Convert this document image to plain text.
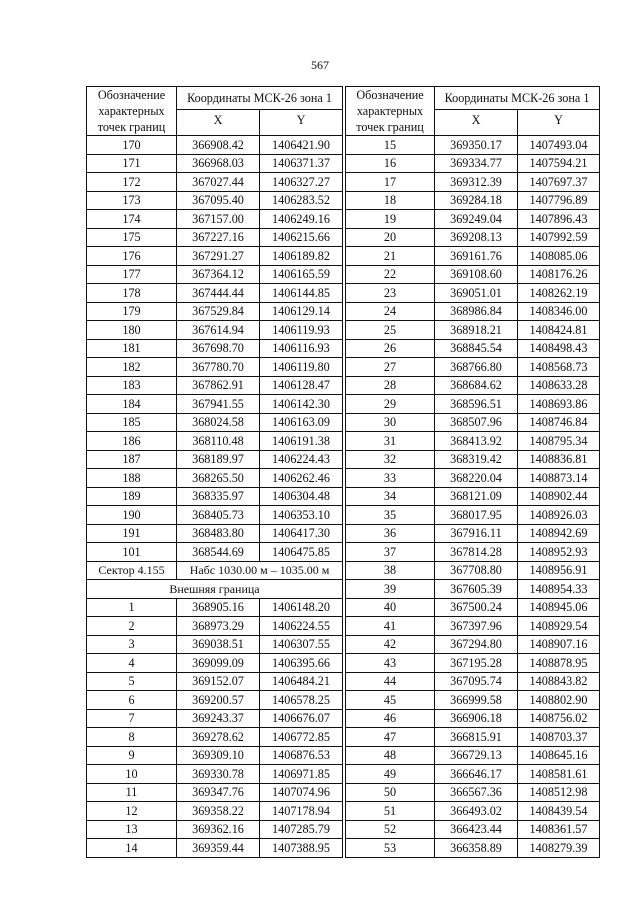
567
Обозначение характерных точек границ	Координаты МСК-26 зона 1	
	X	Y
170	366908.42	1406421.90
171	366968.03	1406371.37
172	367027.44	1406327.27
173	367095.40	1406283.52
174	367157.00	1406249.16
175	367227.16	1406215.66
176	367291.27	1406189.82
177	367364.12	1406165.59
178	367444.44	1406144.85
179	367529.84	1406129.14
180	367614.94	1406119.93
181	367698.70	1406116.93
182	367780.70	1406119.80
183	367862.91	1406128.47
184	367941.55	1406142.30
185	368024.58	1406163.09
186	368110.48	1406191.38
187	368189.97	1406224.43
188	368265.50	1406262.46
189	368335.97	1406304.48
190	368405.73	1406353.10
191	368483.80	1406417.30
101	368544.69	1406475.85
Сектор 4.155	Набс 1030.00 м – 1035.00 м	
Внешняя граница		
1	368905.16	1406148.20
2	368973.29	1406224.55
3	369038.51	1406307.55
4	369099.09	1406395.66
5	369152.07	1406484.21
6	369200.57	1406578.25
7	369243.37	1406676.07
8	369278.62	1406772.85
9	369309.10	1406876.53
10	369330.78	1406971.85
11	369347.76	1407074.96
12	369358.22	1407178.94
13	369362.16	1407285.79
14	369359.44	1407388.95
Обозначение характерных точек границ	Координаты МСК-26 зона 1	
	X	Y
15	369350.17	1407493.04
16	369334.77	1407594.21
17	369312.39	1407697.37
18	369284.18	1407796.89
19	369249.04	1407896.43
20	369208.13	1407992.59
21	369161.76	1408085.06
22	369108.60	1408176.26
23	369051.01	1408262.19
24	368986.84	1408346.00
25	368918.21	1408424.81
26	368845.54	1408498.43
27	368766.80	1408568.73
28	368684.62	1408633.28
29	368596.51	1408693.86
30	368507.96	1408746.84
31	368413.92	1408795.34
32	368319.42	1408836.81
33	368220.04	1408873.14
34	368121.09	1408902.44
35	368017.95	1408926.03
36	367916.11	1408942.69
37	367814.28	1408952.93
38	367708.80	1408956.91
39	367605.39	1408954.33
40	367500.24	1408945.06
41	367397.96	1408929.54
42	367294.80	1408907.16
43	367195.28	1408878.95
44	367095.74	1408843.82
45	366999.58	1408802.90
46	366906.18	1408756.02
47	366815.91	1408703.37
48	366729.13	1408645.16
49	366646.17	1408581.61
50	366567.36	1408512.98
51	366493.02	1408439.54
52	366423.44	1408361.57
53	366358.89	1408279.39
